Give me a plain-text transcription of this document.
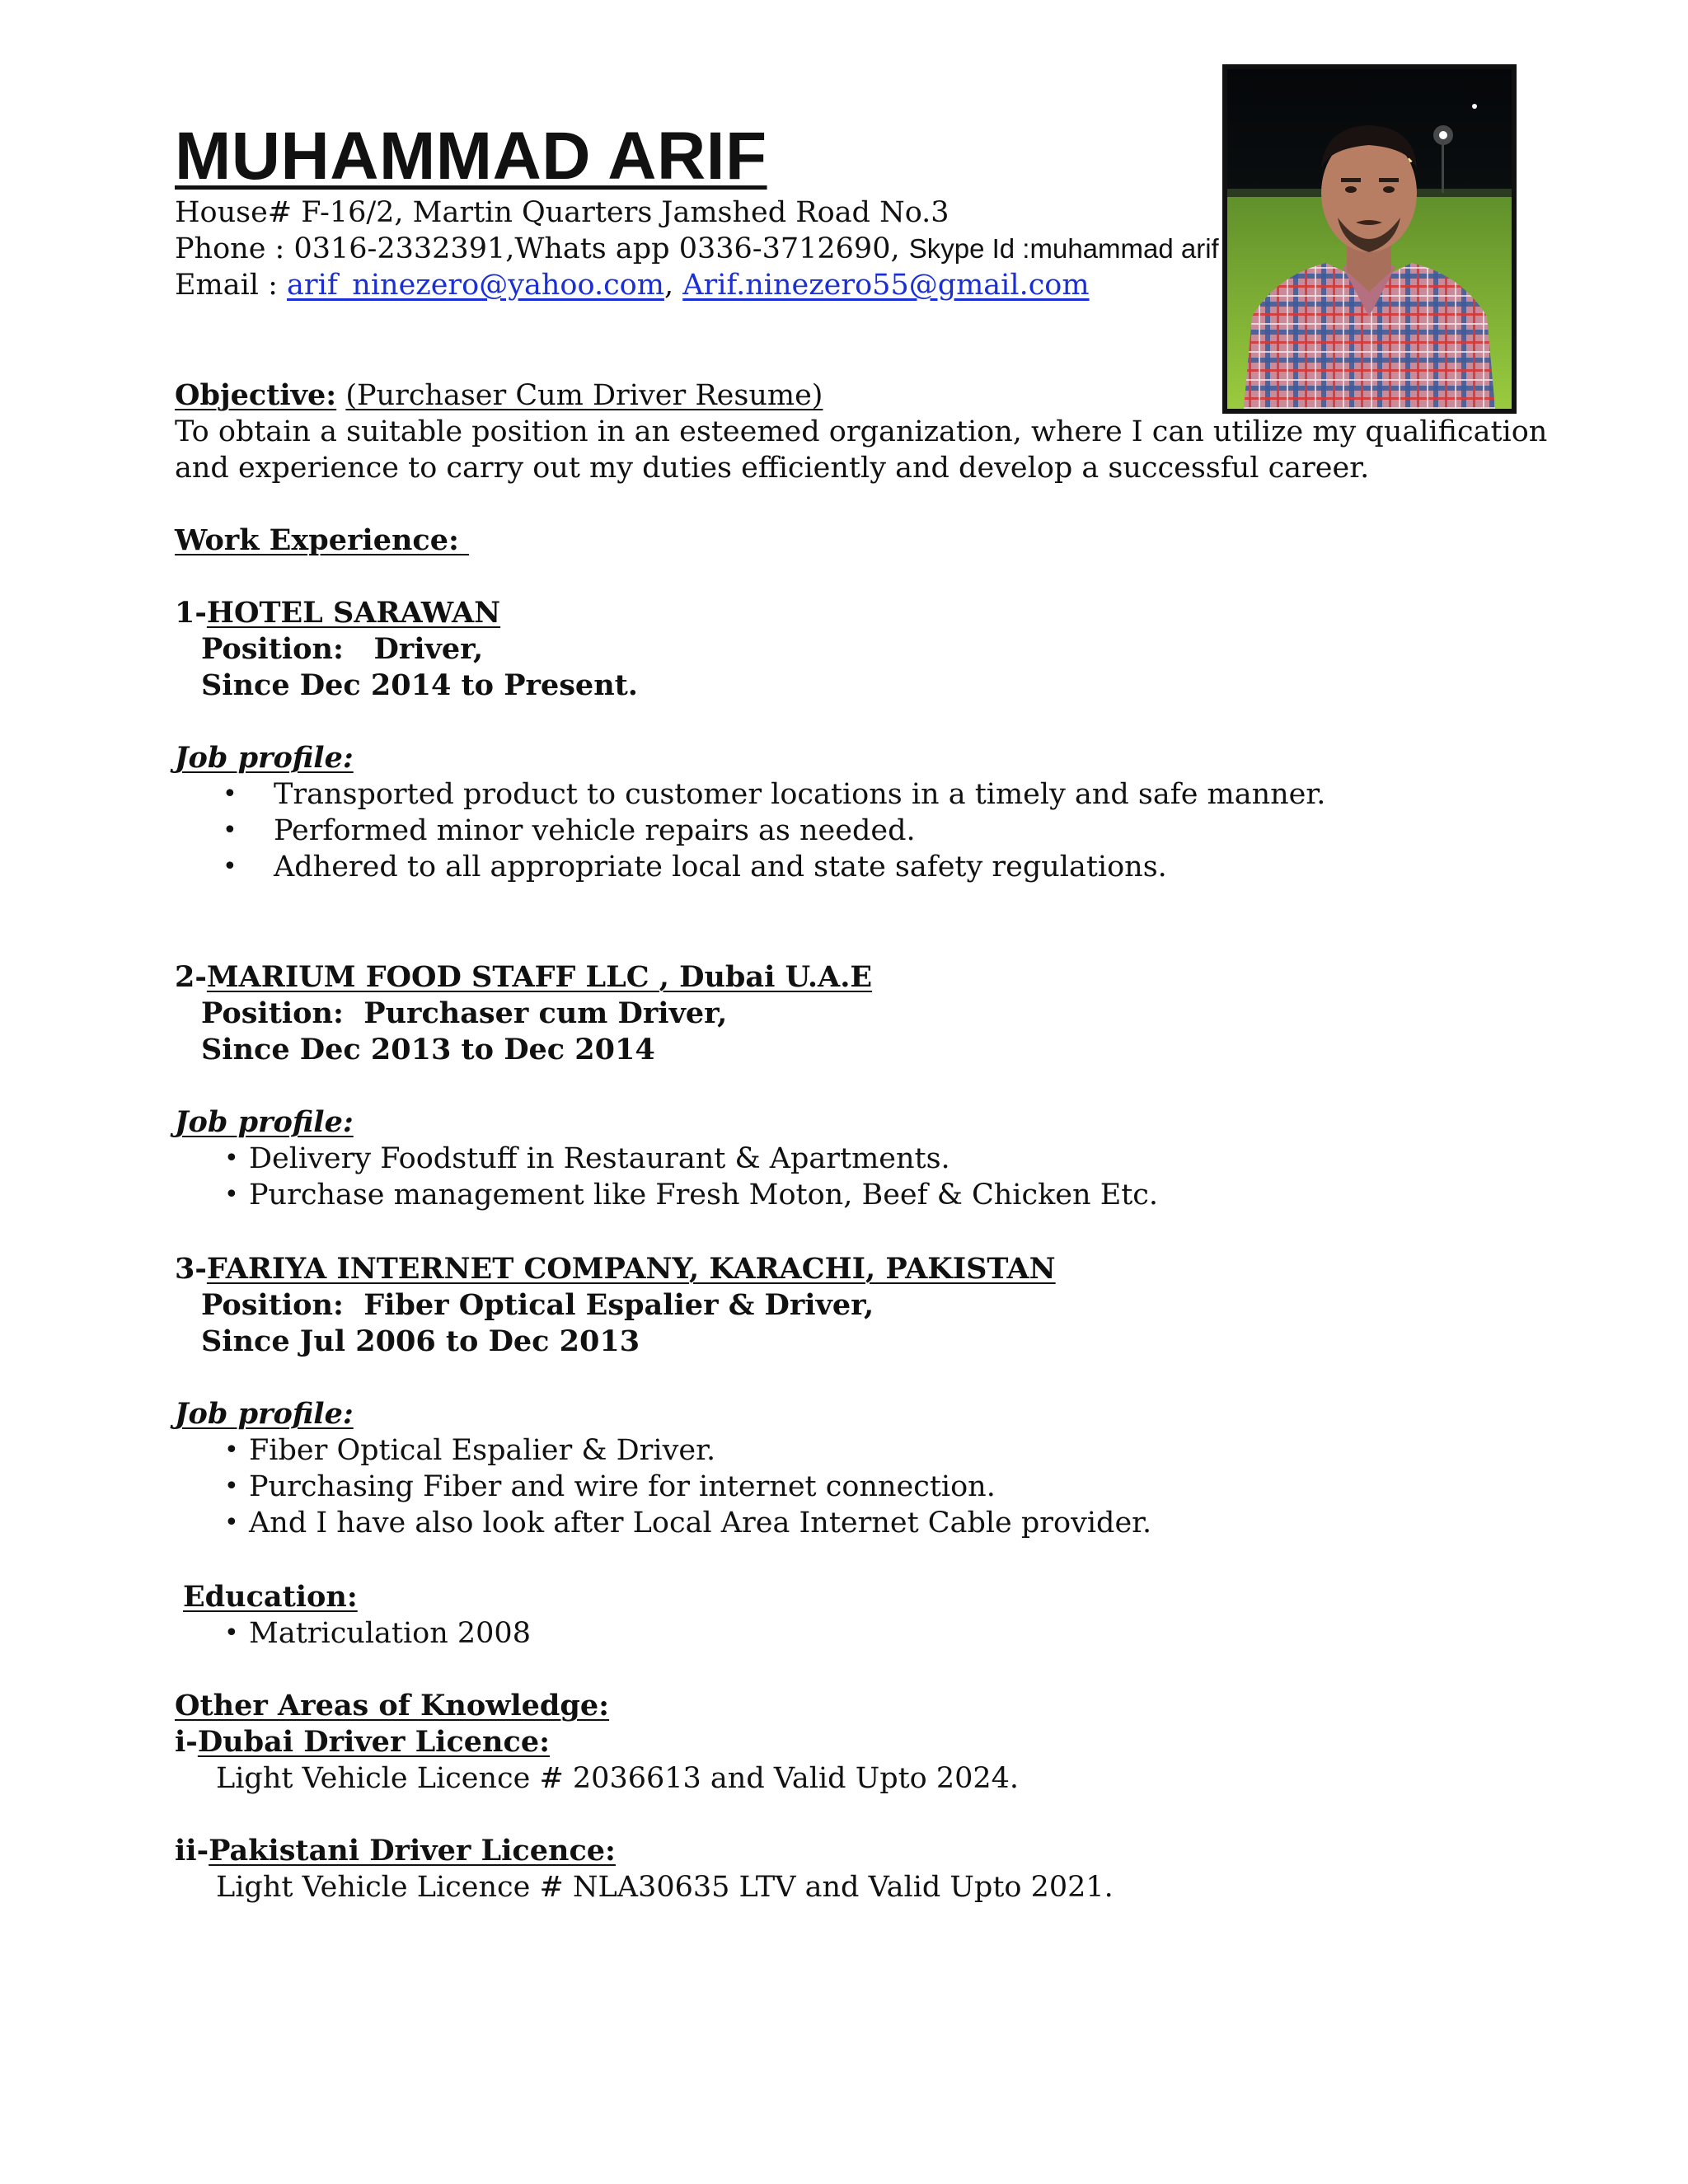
MUHAMMAD ARIF
House# F-16/2, Martin Quarters Jamshed Road No.3
Phone : 0316-2332391,Whats app 0336-3712690, Skype Id :muhammad arif
Email : arif_ninezero@yahoo.com, Arif.ninezero55@gmail.com
Objective: (Purchaser Cum Driver Resume)
To obtain a suitable position in an esteemed organization, where I can utilize my qualification
and experience to carry out my duties efficiently and develop a successful career.
Work Experience:
1-HOTEL SARAWAN
Position:   Driver,
Since Dec 2014 to Present.
Job profile:
• Transported product to customer locations in a timely and safe manner.
• Performed minor vehicle repairs as needed.
• Adhered to all appropriate local and state safety regulations.
2-MARIUM FOOD STAFF LLC , Dubai U.A.E
Position:  Purchaser cum Driver,
Since Dec 2013 to Dec 2014
Job profile:
• Delivery Foodstuff in Restaurant & Apartments.
• Purchase management like Fresh Moton, Beef & Chicken Etc.
3-FARIYA INTERNET COMPANY, KARACHI, PAKISTAN
Position:  Fiber Optical Espalier & Driver,
Since Jul 2006 to Dec 2013
Job profile:
• Fiber Optical Espalier & Driver.
• Purchasing Fiber and wire for internet connection.
• And I have also look after Local Area Internet Cable provider.
Education:
• Matriculation 2008
Other Areas of Knowledge:
i-Dubai Driver Licence:
Light Vehicle Licence # 2036613 and Valid Upto 2024.
ii-Pakistani Driver Licence:
Light Vehicle Licence # NLA30635 LTV and Valid Upto 2021.
